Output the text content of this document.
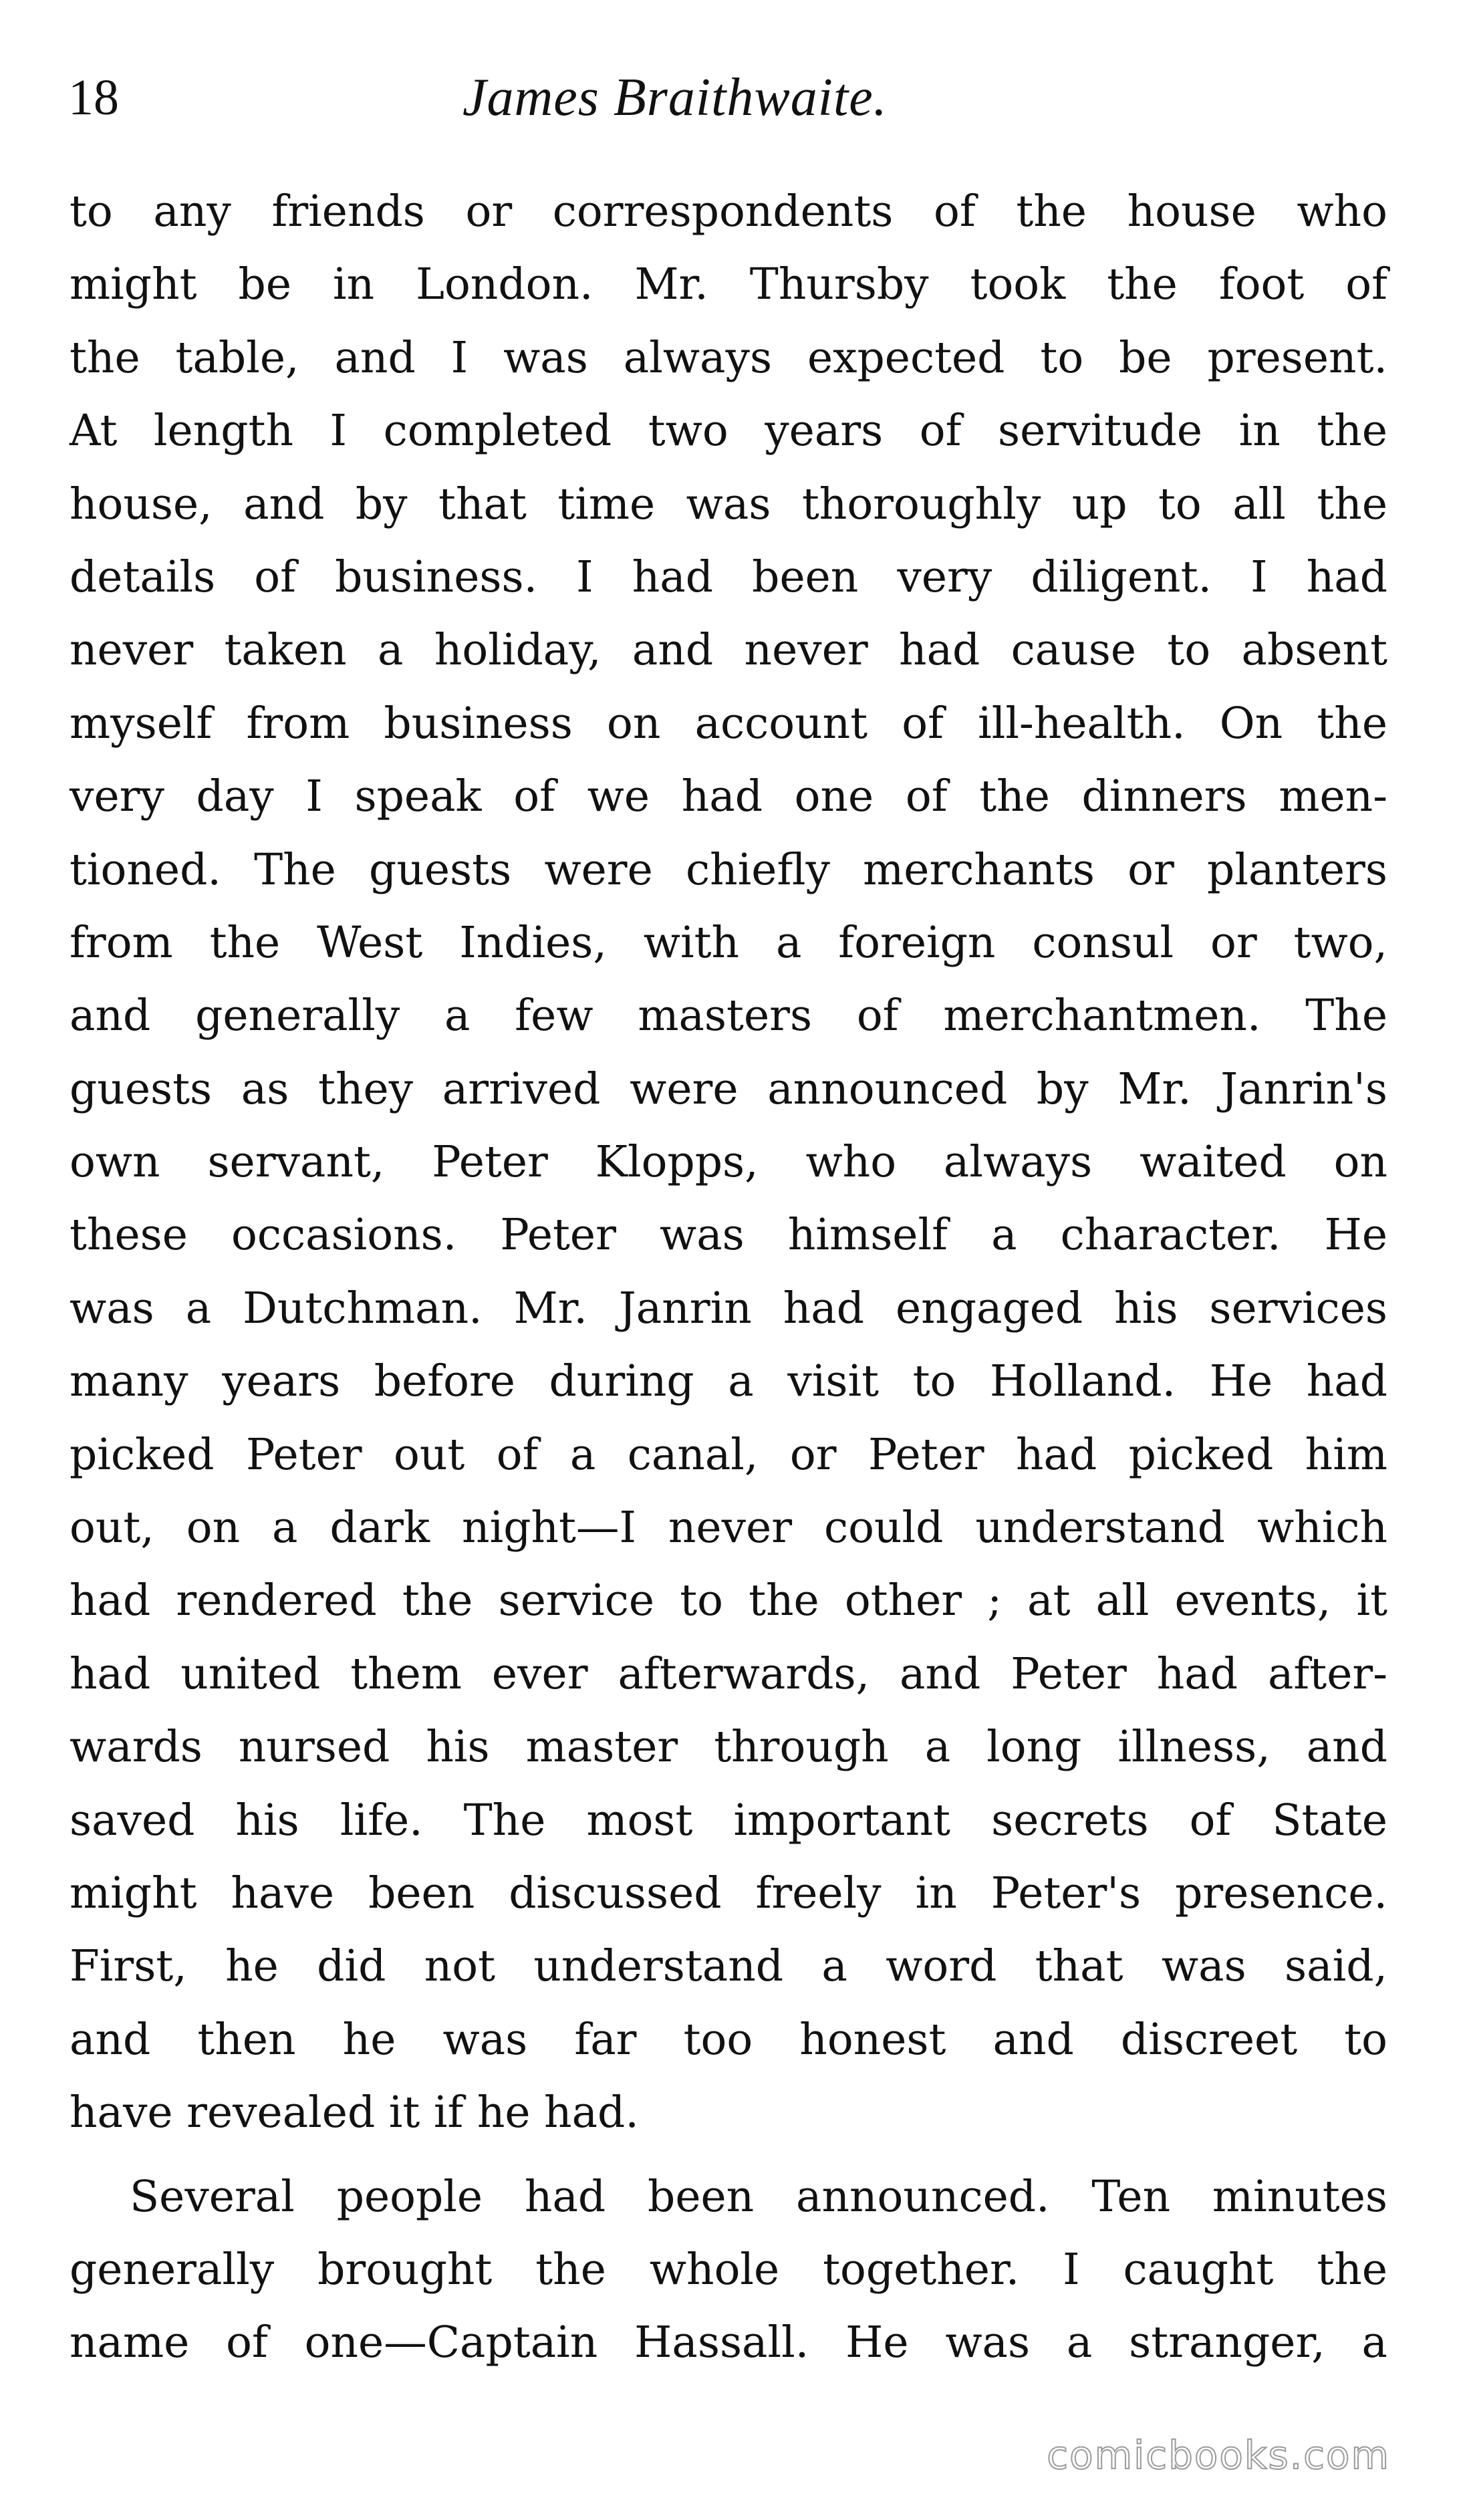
18	James Braithwaite.
to any friends or correspondents of the house who
might be in London. Mr. Thursby took the foot of
the table, and I was always expected to be present.
At length I completed two years of servitude in the
house, and by that time was thoroughly up to all the
details of business. I had been very diligent. I had
never taken a holiday, and never had cause to absent
myself from business on account of ill-health. On the
very day I speak of we had one of the dinners men-
tioned. The guests were chiefly merchants or planters
from the West Indies, with a foreign consul or two,
and generally a few masters of merchantmen. The
guests as they arrived were announced by Mr. Janrin's
own servant, Peter Klopps, who always waited on
these occasions. Peter was himself a character. He
was a Dutchman. Mr. Janrin had engaged his services
many years before during a visit to Holland. He had
picked Peter out of a canal, or Peter had picked him
out, on a dark night—I never could understand which
had rendered the service to the other ; at all events, it
had united them ever afterwards, and Peter had after-
wards nursed his master through a long illness, and
saved his life. The most important secrets of State
might have been discussed freely in Peter's presence.
First, he did not understand a word that was said,
and then he was far too honest and discreet to
have revealed it if he had.
Several people had been announced. Ten minutes
generally brought the whole together. I caught the
name of one—Captain Hassall. He was a stranger, a
comicbooks.com
